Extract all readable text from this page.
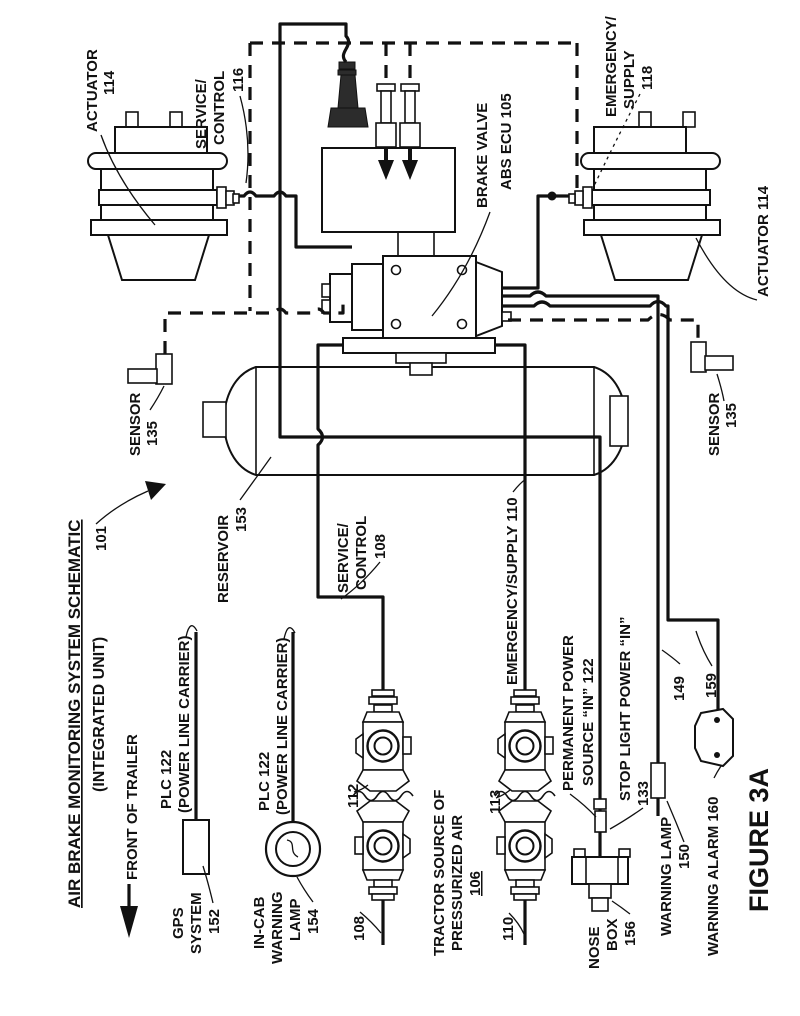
ACTUATOR 114	SERVICE/ CONTROL 116
BRAKE VALVE ABS ECU 105
EMERGENCY/ SUPPLY 118
ACTUATOR 114
SENSOR 135
101	RESERVOIR 153
SERVICE/ CONTROL 108	EMERGENCY/SUPPLY 110
AIR BRAKE MONITORING SYSTEM SCHEMATIC (INTEGRATED UNIT)
FRONT OF TRAILER PLC 122 (POWER LINE CARRIER)	PLC 122 (POWER LINE CARRIER)
GPS SYSTEM 152 IN-CAB WARNING LAMP 154
112
108	TRACTOR SOURCE OF PRESSURIZED AIR 106
113
110
PERMANENT POWER SOURCE “IN” 122 STOP LIGHT POWER “IN” 133
NOSE BOX 156 WARNING LAMP 150
149 159
WARNING ALARM 160
SENSOR 135
FIGURE 3A
